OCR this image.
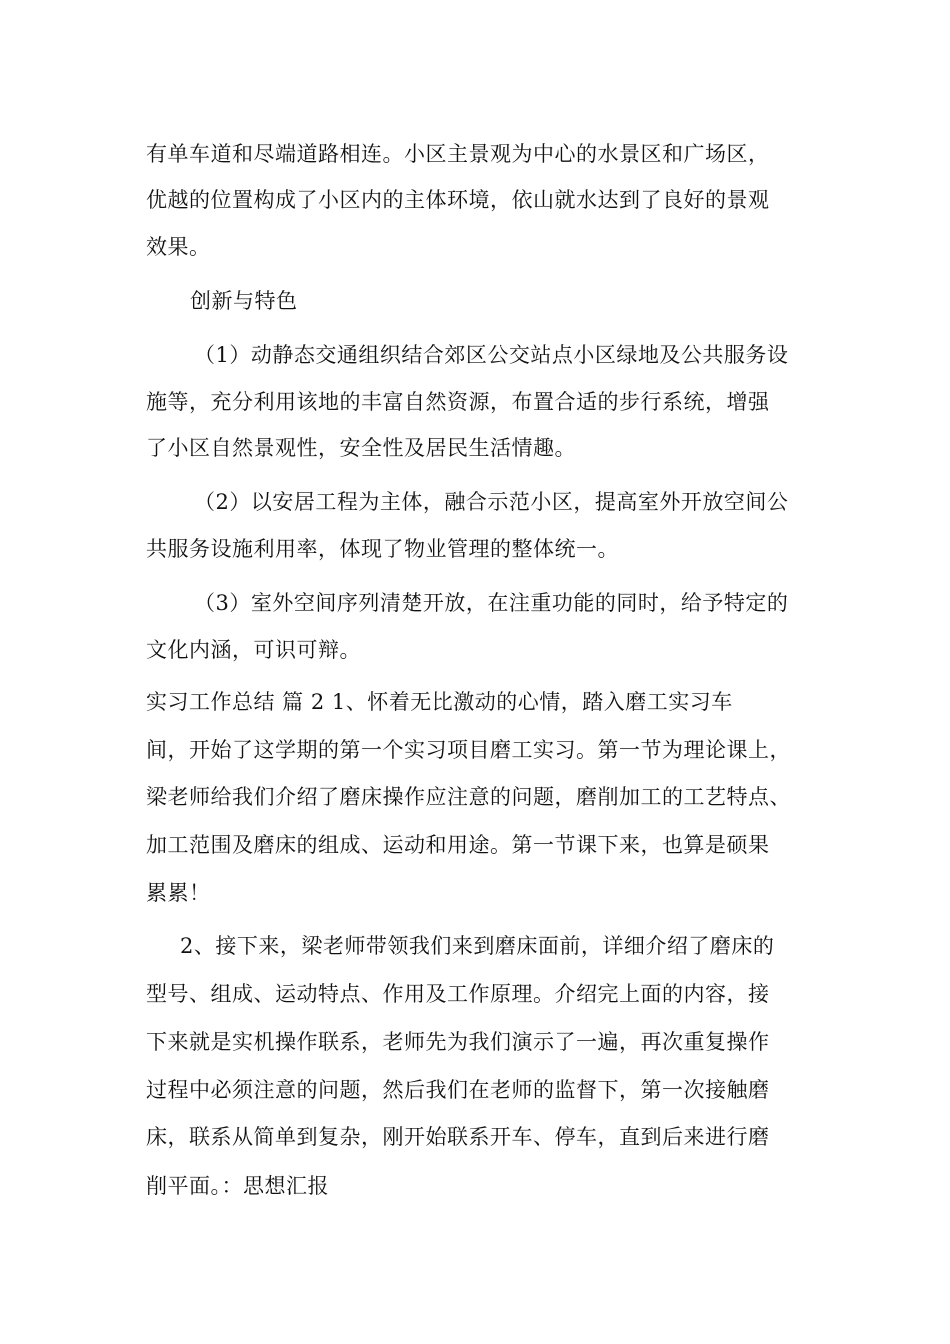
有单车道和尽端道路相连。小区主景观为中心的水景区和广场区，
优越的位置构成了小区内的主体环境，依山就水达到了良好的景观
效果。
创新与特色
（1）动静态交通组织结合郊区公交站点小区绿地及公共服务设
施等，充分利用该地的丰富自然资源，布置合适的步行系统，增强
了小区自然景观性，安全性及居民生活情趣。
（2）以安居工程为主体，融合示范小区，提高室外开放空间公
共服务设施利用率，体现了物业管理的整体统一。
（3）室外空间序列清楚开放，在注重功能的同时，给予特定的
文化内涵，可识可辩。
实习工作总结 篇 2 1、怀着无比激动的心情，踏入磨工实习车
间，开始了这学期的第一个实习项目磨工实习。第一节为理论课上，
梁老师给我们介绍了磨床操作应注意的问题，磨削加工的工艺特点、
加工范围及磨床的组成、运动和用途。第一节课下来，也算是硕果
累累！
2、接下来，梁老师带领我们来到磨床面前，详细介绍了磨床的
型号、组成、运动特点、作用及工作原理。介绍完上面的内容，接
下来就是实机操作联系，老师先为我们演示了一遍，再次重复操作
过程中必须注意的问题，然后我们在老师的监督下，第一次接触磨
床，联系从简单到复杂，刚开始联系开车、停车，直到后来进行磨
削平面。：思想汇报
